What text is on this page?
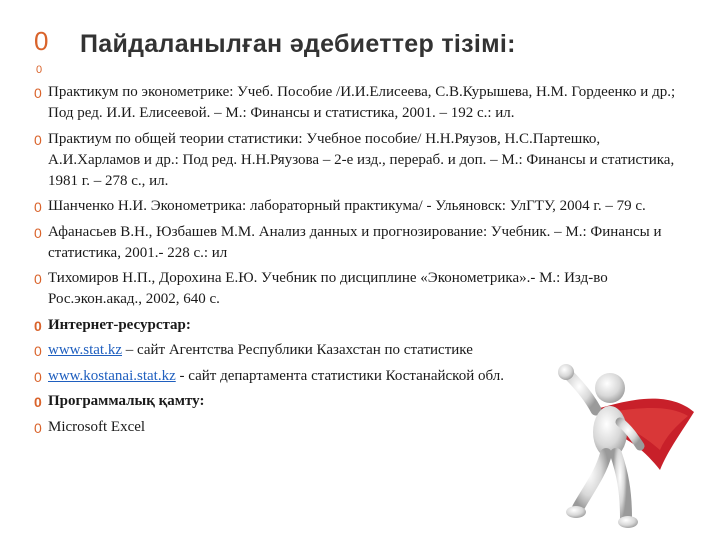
0 Пайдаланылған әдебиеттер тізімі:
0
0 Практикум по эконометрике: Учеб. Пособие /И.И.Елисеева, С.В.Курышева, Н.М. Гордеенко и др.; Под ред. И.И. Елисеевой. – М.: Финансы и статистика, 2001. – 192 с.: ил.
0 Практиум по общей теории статистики: Учебное пособие/ Н.Н.Ряузов, Н.С.Партешко, А.И.Харламов и др.: Под ред. Н.Н.Ряузова – 2-е изд., перераб. и доп. – М.: Финансы и статистика, 1981 г. – 278 с., ил.
0 Шанченко Н.И. Эконометрика: лабораторный практикума/ - Ульяновск: УлГТУ, 2004 г. – 79 с.
0 Афанасьев В.Н., Юзбашев М.М. Анализ данных и прогнозирование: Учебник. – М.: Финансы и статистика, 2001.- 228 с.: ил
0 Тихомиров Н.П., Дорохина Е.Ю. Учебник по дисциплине «Эконометрика».- М.: Изд-во Рос.экон.акад., 2002, 640 с.
0 Интернет-ресурстар:
0 www.stat.kz – сайт Агентства Республики Казахстан по статистике
0 www.kostanai.stat.kz - сайт департамента статистики Костанайской обл.
0 Программалық қамту:
0 Microsoft Excel
